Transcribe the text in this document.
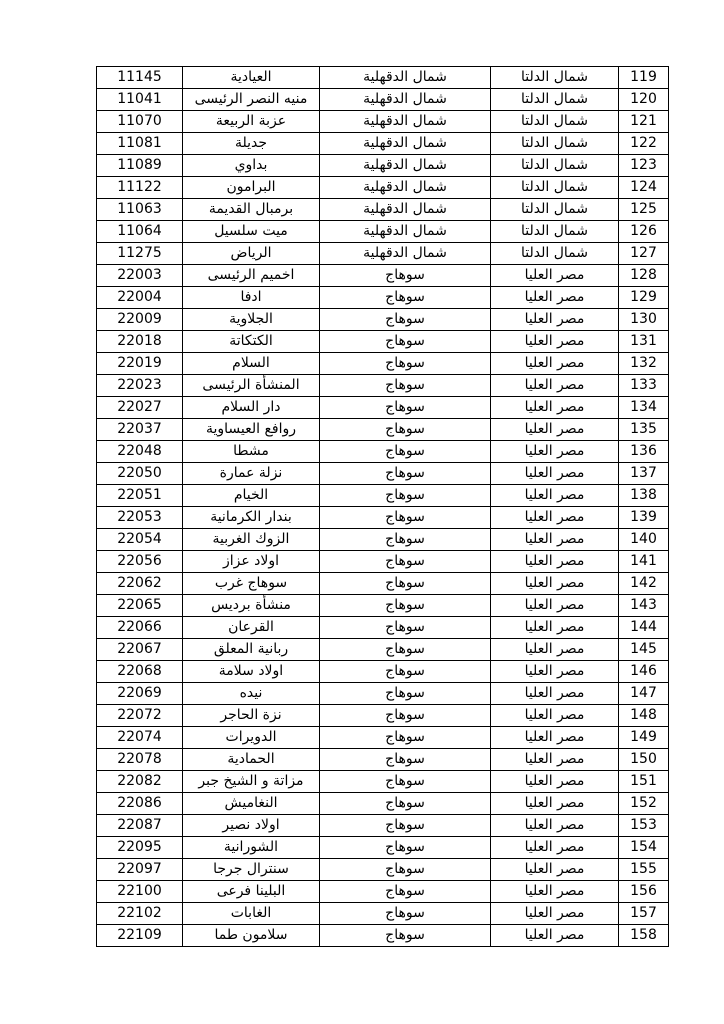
11145	العيادية	شمال الدقهلية	شمال الدلتا	119
11041	منيه النصر الرئيسى	شمال الدقهلية	شمال الدلتا	120
11070	عزبة الربيعة	شمال الدقهلية	شمال الدلتا	121
11081	جديلة	شمال الدقهلية	شمال الدلتا	122
11089	بداوي	شمال الدقهلية	شمال الدلتا	123
11122	البرامون	شمال الدقهلية	شمال الدلتا	124
11063	برمبال القديمة	شمال الدقهلية	شمال الدلتا	125
11064	ميت سلسيل	شمال الدقهلية	شمال الدلتا	126
11275	الرياض	شمال الدقهلية	شمال الدلتا	127
22003	اخميم الرئيسى	سوهاج	مصر العليا	128
22004	ادفا	سوهاج	مصر العليا	129
22009	الجلاوية	سوهاج	مصر العليا	130
22018	الكتكاتة	سوهاج	مصر العليا	131
22019	السلام	سوهاج	مصر العليا	132
22023	المنشأة الرئيسى	سوهاج	مصر العليا	133
22027	دار السلام	سوهاج	مصر العليا	134
22037	روافع العيساوية	سوهاج	مصر العليا	135
22048	مشطا	سوهاج	مصر العليا	136
22050	نزلة عمارة	سوهاج	مصر العليا	137
22051	الخيام	سوهاج	مصر العليا	138
22053	بندار الكرمانية	سوهاج	مصر العليا	139
22054	الزوك الغربية	سوهاج	مصر العليا	140
22056	اولاد عزاز	سوهاج	مصر العليا	141
22062	سوهاج غرب	سوهاج	مصر العليا	142
22065	منشأة برديس	سوهاج	مصر العليا	143
22066	القرعان	سوهاج	مصر العليا	144
22067	ربانية المعلق	سوهاج	مصر العليا	145
22068	اولاد سلامة	سوهاج	مصر العليا	146
22069	نيده	سوهاج	مصر العليا	147
22072	نزة الحاجر	سوهاج	مصر العليا	148
22074	الدويرات	سوهاج	مصر العليا	149
22078	الحمادية	سوهاج	مصر العليا	150
22082	مزاتة و الشيخ جبر	سوهاج	مصر العليا	151
22086	النغاميش	سوهاج	مصر العليا	152
22087	اولاد نصير	سوهاج	مصر العليا	153
22095	الشورانية	سوهاج	مصر العليا	154
22097	سنترال جرجا	سوهاج	مصر العليا	155
22100	البلينا فرعى	سوهاج	مصر العليا	156
22102	الغابات	سوهاج	مصر العليا	157
22109	سلامون طما	سوهاج	مصر العليا	158
